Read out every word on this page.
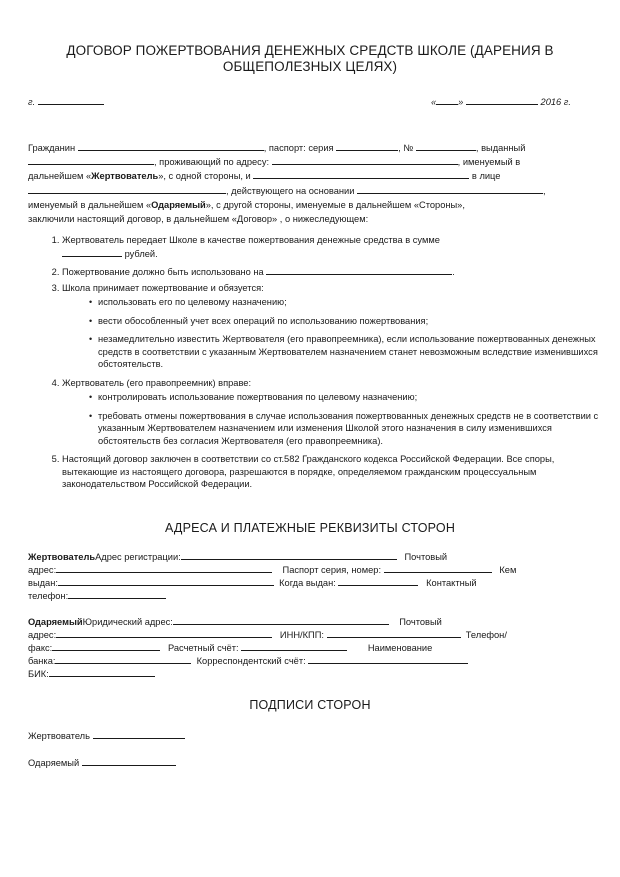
ДОГОВОР ПОЖЕРТВОВАНИЯ ДЕНЕЖНЫХ СРЕДСТВ ШКОЛЕ (ДАРЕНИЯ В ОБЩЕПОЛЕЗНЫХ ЦЕЛЯХ)
г.	« »	2016 г.

Гражданин	, паспорт: серия	, №	, выданный

, проживающий по адресу:	, именуемый в

дальнейшем «Жертвователь», с одной стороны, и	в лице

, действующего на основании	,

именуемый в дальнейшем «Одаряемый», с другой стороны, именуемые в дальнейшем «Стороны»,

заключили настоящий договор, в дальнейшем «Договор» , о нижеследующем:

1. Жертвователь передает Школе в качестве пожертвования денежные средства в сумме
рублей.
2. Пожертвование должно быть использовано на	.
3. Школа принимает пожертвование и обязуется:
• использовать его по целевому назначению;
• вести обособленный учет всех операций по использованию пожертвования;
• незамедлительно известить Жертвователя (его правопреемника), если использование пожертвованных денежных средств в соответствии с указанным Жертвователем назначением станет невозможным вследствие изменившихся обстоятельств.
4. Жертвователь (его правопреемник) вправе:
• контролировать использование пожертвования по целевому назначению;
• требовать отмены пожертвования в случае использования пожертвованных денежных средств не в соответствии с указанным Жертвователем назначением или изменения Школой этого назначения в силу изменившихся обстоятельств без согласия Жертвователя (его правопреемника).
5. Настоящий договор заключен в соответствии со ст.582 Гражданского кодекса Российской Федерации. Все споры, вытекающие из настоящего договора, разрешаются в порядке, определяемом гражданским процессуальным законодательством Российской Федерации.
АДРЕСА И ПЛАТЕЖНЫЕ РЕКВИЗИТЫ СТОРОН
ЖертвовательАдрес регистрации:	Почтовый
адрес:	Паспорт серия, номер:	Кем
выдан:	Когда выдан:	Контактный
телефон:
ОдаряемыйЮридический адрес:	Почтовый
адрес:	ИНН/КПП:	Телефон/
факс:	Расчетный счёт:	Наименование
банка:	Корреспондентский счёт:
БИК:
ПОДПИСИ СТОРОН
Жертвователь
Одаряемый
